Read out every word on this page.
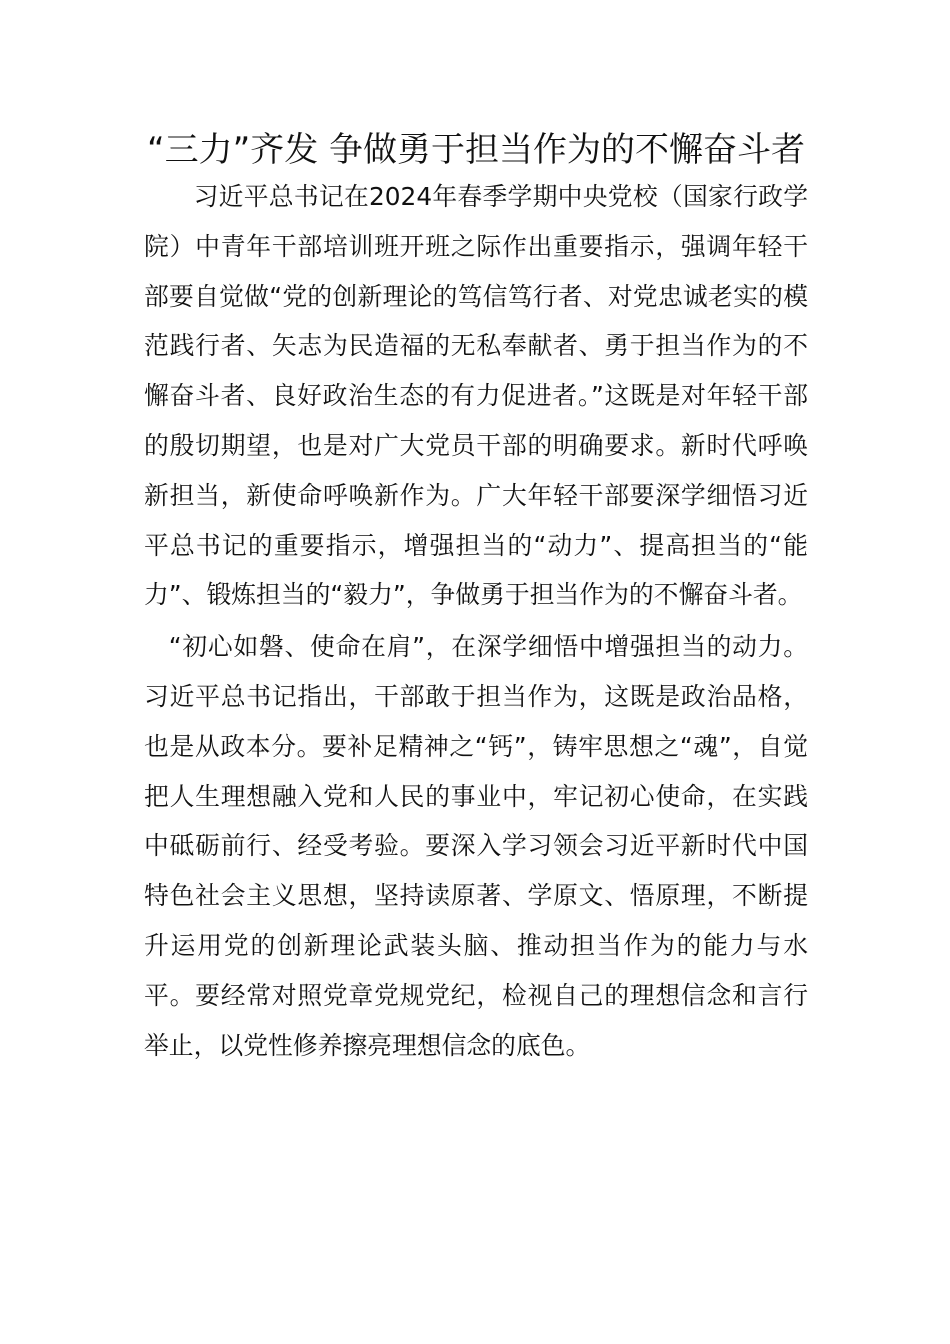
“三力”齐发 争做勇于担当作为的不懈奋斗者

习近平总书记在2024年春季学期中央党校（国家行政学院）中青年干部培训班开班之际作出重要指示，强调年轻干部要自觉做“党的创新理论的笃信笃行者、对党忠诚老实的模范践行者、矢志为民造福的无私奉献者、勇于担当作为的不懈奋斗者、良好政治生态的有力促进者。”这既是对年轻干部的殷切期望，也是对广大党员干部的明确要求。新时代呼唤新担当，新使命呼唤新作为。广大年轻干部要深学细悟习近平总书记的重要指示，增强担当的“动力”、提高担当的“能力”、锻炼担当的“毅力”，争做勇于担当作为的不懈奋斗者。

“初心如磐、使命在肩”，在深学细悟中增强担当的动力。习近平总书记指出，干部敢于担当作为，这既是政治品格，也是从政本分。要补足精神之“钙”，铸牢思想之“魂”，自觉把人生理想融入党和人民的事业中，牢记初心使命，在实践中砥砺前行、经受考验。要深入学习领会习近平新时代中国特色社会主义思想，坚持读原著、学原文、悟原理，不断提升运用党的创新理论武装头脑、推动担当作为的能力与水平。要经常对照党章党规党纪，检视自己的理想信念和言行举止，以党性修养擦亮理想信念的底色。
